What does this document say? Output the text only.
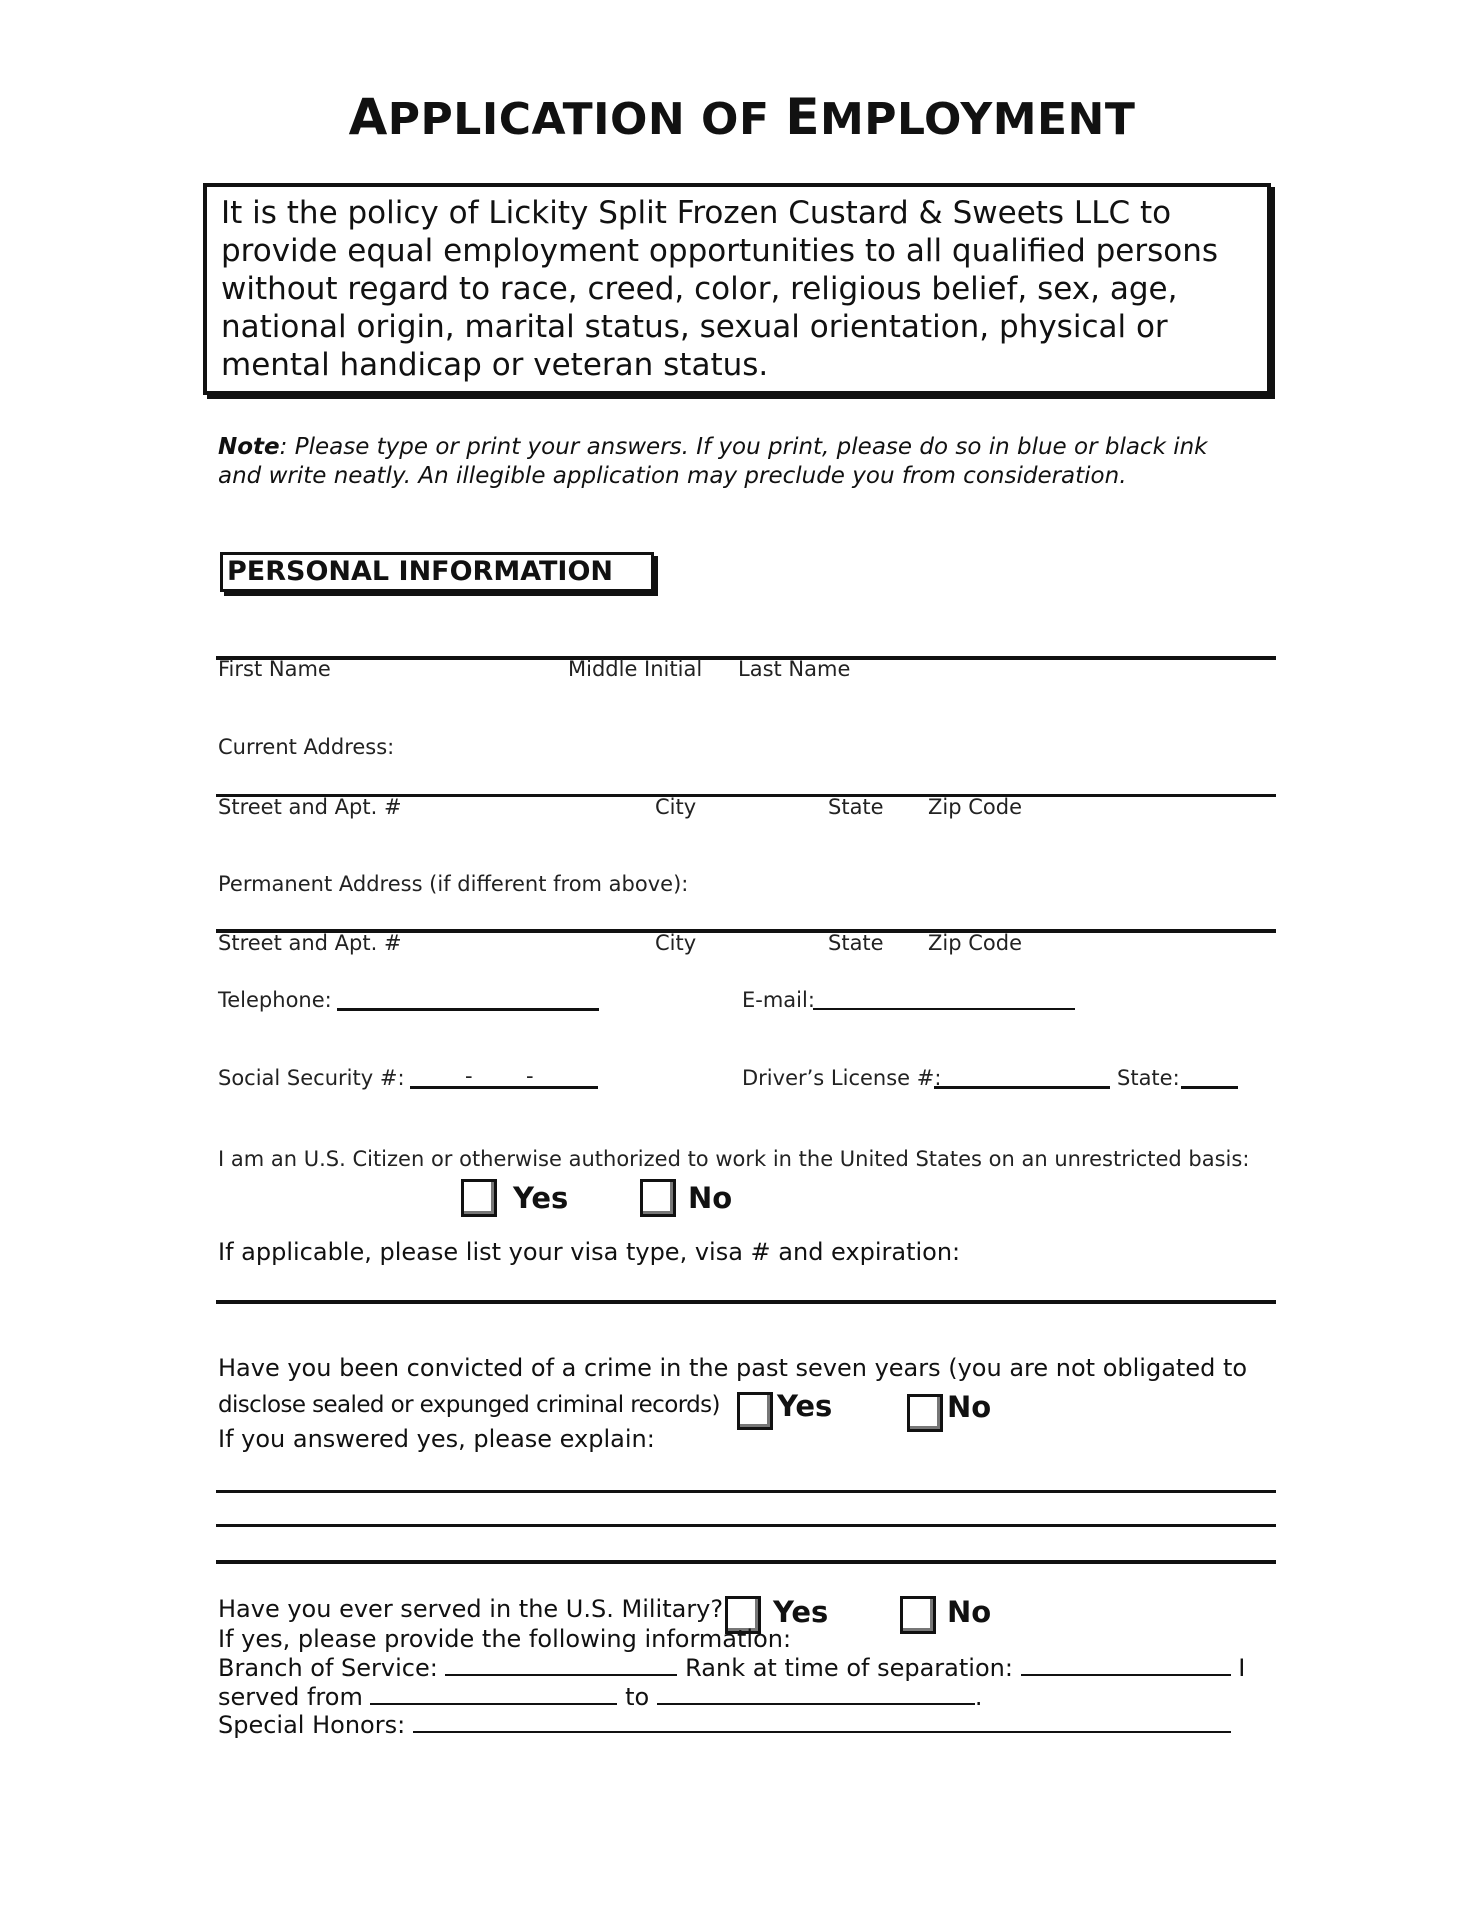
APPLICATION OF EMPLOYMENT
It is the policy of Lickity Split Frozen Custard & Sweets LLC to provide equal employment opportunities to all qualified persons without regard to race, creed, color, religious belief, sex, age, national origin, marital status, sexual orientation, physical or mental handicap or veteran status.
Note: Please type or print your answers. If you print, please do so in blue or black ink
and write neatly. An illegible application may preclude you from consideration.
PERSONAL INFORMATION
First Name	Middle Initial Last Name
Current Address:
Street and Apt. #	City	State Zip Code
Permanent Address (if different from above):
Street and Apt. #	City	State Zip Code
Telephone:	E-mail:
Social Security #:	-	-	Driver’s License #:	State:
I am an U.S. Citizen or otherwise authorized to work in the United States on an unrestricted basis:
Yes	No
If applicable, please list your visa type, visa # and expiration:
Have you been convicted of a crime in the past seven years (you are not obligated to
disclose sealed or expunged criminal records) Yes	No
If you answered yes, please explain:
Have you ever served in the U.S. Military? Yes	No
If yes, please provide the following information:
Branch of Service:	Rank at time of separation:	I
served from	to	.
Special Honors:
